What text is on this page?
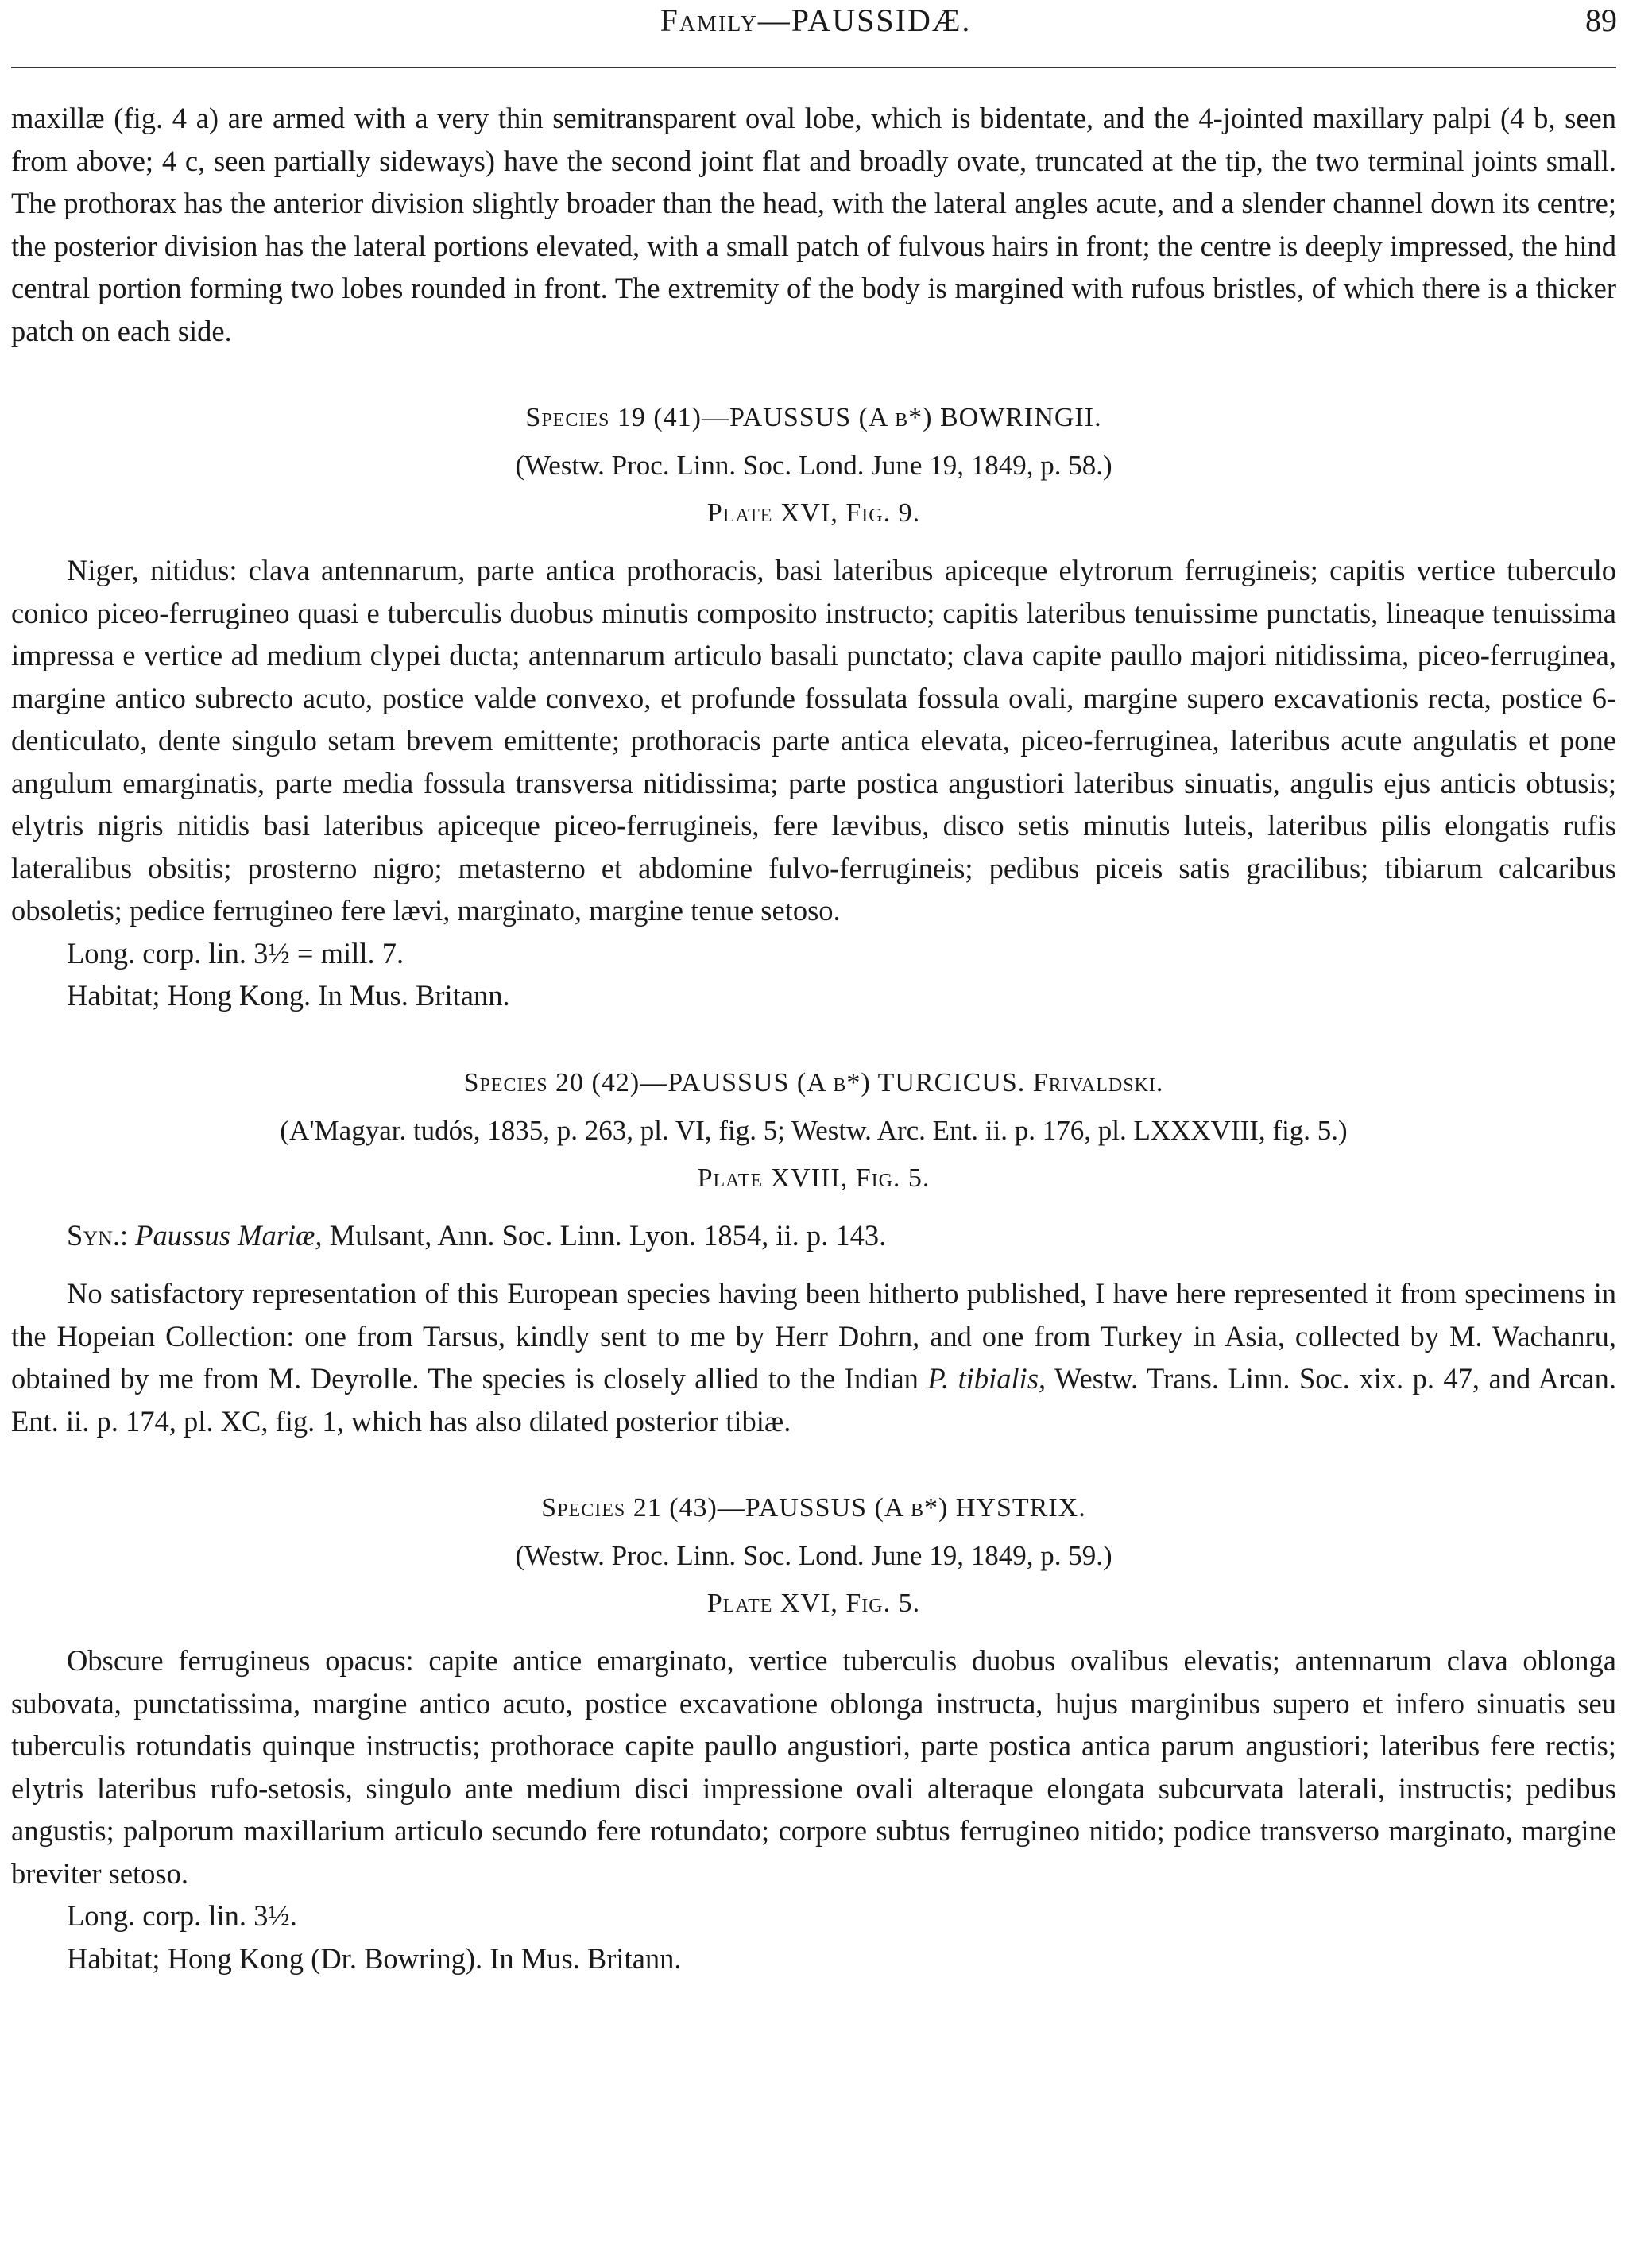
Family—PAUSSIDÆ.	89

maxillæ (fig. 4 a) are armed with a very thin semitransparent oval lobe, which is bidentate, and the 4-jointed maxillary palpi (4 b, seen from above; 4 c, seen partially sideways) have the second joint flat and broadly ovate, truncated at the tip, the two terminal joints small. The prothorax has the anterior division slightly broader than the head, with the lateral angles acute, and a slender channel down its centre; the posterior division has the lateral portions elevated, with a small patch of fulvous hairs in front; the centre is deeply impressed, the hind central portion forming two lobes rounded in front. The extremity of the body is margined with rufous bristles, of which there is a thicker patch on each side.

Species 19 (41)—PAUSSUS (A b*) BOWRINGII.
(Westw. Proc. Linn. Soc. Lond. June 19, 1849, p. 58.)
Plate XVI, Fig. 9.

Niger, nitidus: clava antennarum, parte antica prothoracis, basi lateribus apiceque elytrorum ferrugineis; capitis vertice tuberculo conico piceo-ferrugineo quasi e tuberculis duobus minutis composito instructo; capitis lateribus tenuissime punctatis, lineaque tenuissima impressa e vertice ad medium clypei ducta; antennarum articulo basali punctato; clava capite paullo majori nitidissima, piceo-ferruginea, margine antico subrecto acuto, postice valde convexo, et profunde fossulata fossula ovali, margine supero excavationis recta, postice 6-denticulato, dente singulo setam brevem emittente; prothoracis parte antica elevata, piceo-ferruginea, lateribus acute angulatis et pone angulum emarginatis, parte media fossula transversa nitidissima; parte postica angustiori lateribus sinuatis, angulis ejus anticis obtusis; elytris nigris nitidis basi lateribus apiceque piceo-ferrugineis, fere lævibus, disco setis minutis luteis, lateribus pilis elongatis rufis lateralibus obsitis; prosterno nigro; metasterno et abdomine fulvo-ferrugineis; pedibus piceis satis gracilibus; tibiarum calcaribus obsoletis; pedice ferrugineo fere lævi, marginato, margine tenue setoso.

Long. corp. lin. 3½ = mill. 7.

Habitat; Hong Kong. In Mus. Britann.

Species 20 (42)—PAUSSUS (A b*) TURCICUS. Frivaldski.
(A'Magyar. tudós, 1835, p. 263, pl. VI, fig. 5; Westw. Arc. Ent. ii. p. 176, pl. LXXXVIII, fig. 5.)
Plate XVIII, Fig. 5.

Syn.: Paussus Mariæ, Mulsant, Ann. Soc. Linn. Lyon. 1854, ii. p. 143.

No satisfactory representation of this European species having been hitherto published, I have here represented it from specimens in the Hopeian Collection: one from Tarsus, kindly sent to me by Herr Dohrn, and one from Turkey in Asia, collected by M. Wachanru, obtained by me from M. Deyrolle. The species is closely allied to the Indian P. tibialis, Westw. Trans. Linn. Soc. xix. p. 47, and Arcan. Ent. ii. p. 174, pl. XC, fig. 1, which has also dilated posterior tibiæ.

Species 21 (43)—PAUSSUS (A b*) HYSTRIX.
(Westw. Proc. Linn. Soc. Lond. June 19, 1849, p. 59.)
Plate XVI, Fig. 5.

Obscure ferrugineus opacus: capite antice emarginato, vertice tuberculis duobus ovalibus elevatis; antennarum clava oblonga subovata, punctatissima, margine antico acuto, postice excavatione oblonga instructa, hujus marginibus supero et infero sinuatis seu tuberculis rotundatis quinque instructis; prothorace capite paullo angustiori, parte postica antica parum angustiori; lateribus fere rectis; elytris lateribus rufo-setosis, singulo ante medium disci impressione ovali alteraque elongata subcurvata laterali, instructis; pedibus angustis; palporum maxillarium articulo secundo fere rotundato; corpore subtus ferrugineo nitido; podice transverso marginato, margine breviter setoso.

Long. corp. lin. 3½.

Habitat; Hong Kong (Dr. Bowring). In Mus. Britann.
